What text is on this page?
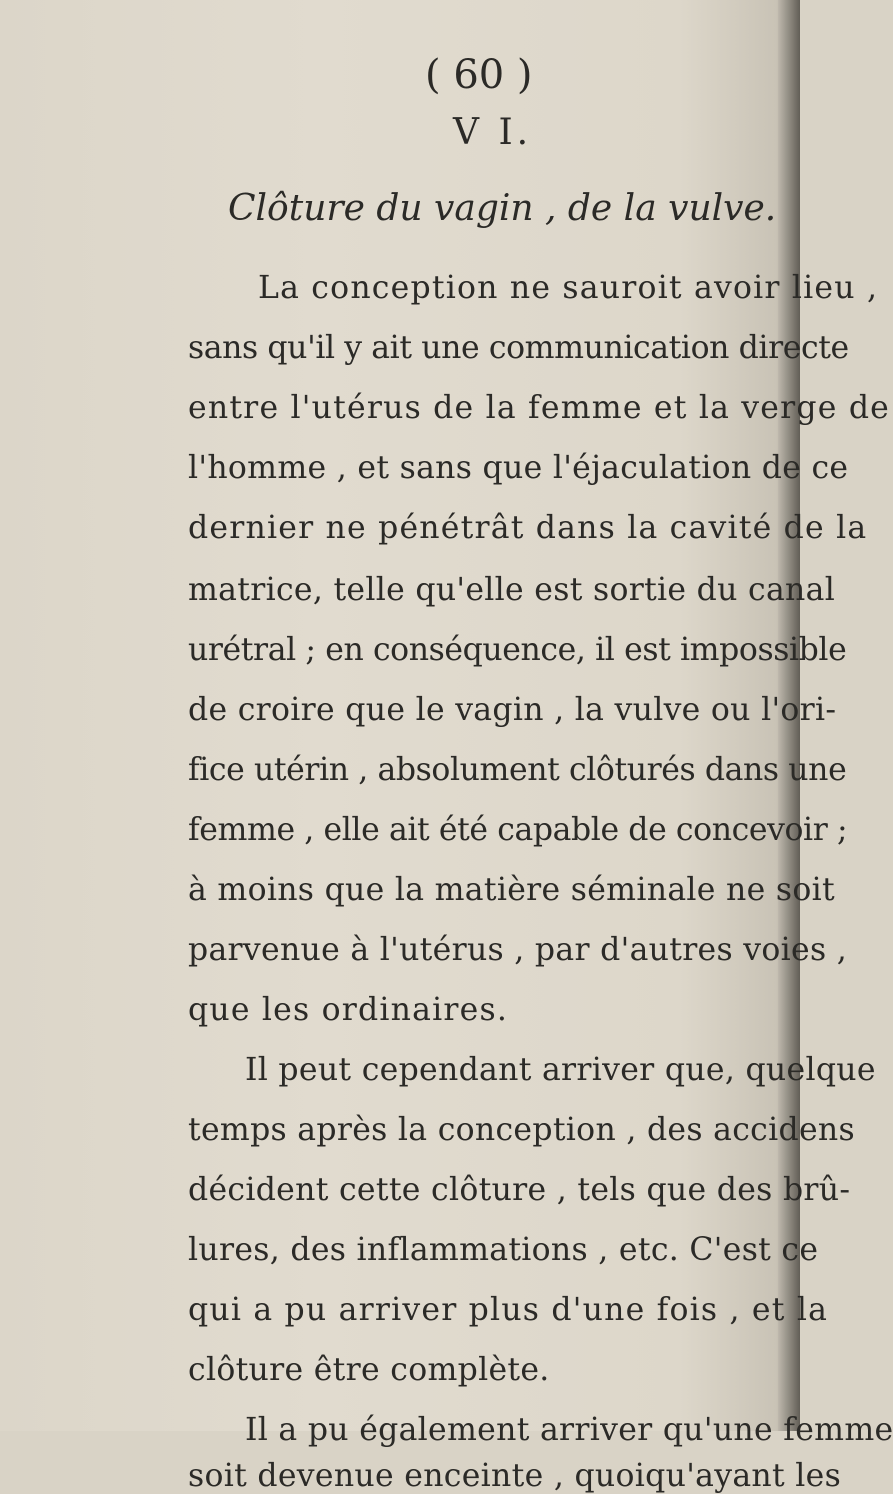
( 60 )
V I.
Clôture du vagin , de la vulve.
La conception ne sauroit avoir lieu ,
sans qu'il y ait une communication directe
entre l'utérus de la femme et la verge de
l'homme , et sans que l'éjaculation de ce
dernier ne pénétrât dans la cavité de la
matrice, telle qu'elle est sortie du canal
urétral ; en conséquence, il est impossible
de croire que le vagin , la vulve ou l'ori-
fice utérin , absolument clôturés dans une
femme , elle ait été capable de concevoir ;
à moins que la matière séminale ne soit
parvenue à l'utérus , par d'autres voies ,
que les ordinaires.
Il peut cependant arriver que, quelque
temps après la conception , des accidens
décident cette clôture , tels que des brû-
lures, des inflammations , etc. C'est ce
qui a pu arriver plus d'une fois , et la
clôture être complète.
Il a pu également arriver qu'une femme
soit devenue enceinte , quoiqu'ayant les
